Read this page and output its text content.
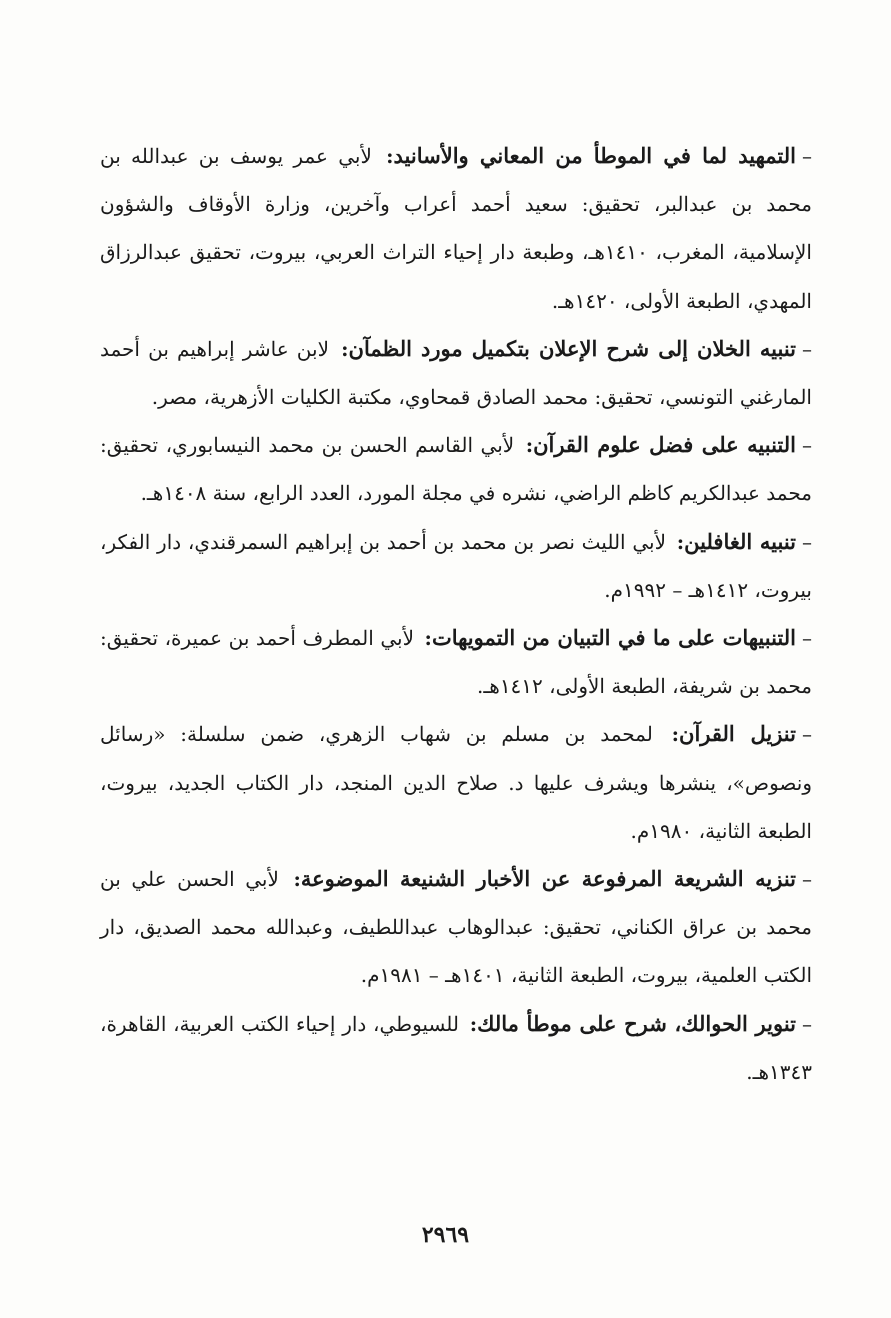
–التمهيد لما في الموطأ من المعاني والأسانيد: لأبي عمر يوسف بن عبدالله بن محمد بن عبدالبر، تحقيق: سعيد أحمد أعراب وآخرين، وزارة الأوقاف والشؤون الإسلامية، المغرب، ١٤١٠هـ، وطبعة دار إحياء التراث العربي، بيروت، تحقيق عبدالرزاق المهدي، الطبعة الأولى، ١٤٢٠هـ.

–تنبيه الخلان إلى شرح الإعلان بتكميل مورد الظمآن: لابن عاشر إبراهيم بن أحمد المارغني التونسي، تحقيق: محمد الصادق قمحاوي، مكتبة الكليات الأزهرية، مصر.

–التنبيه على فضل علوم القرآن: لأبي القاسم الحسن بن محمد النيسابوري، تحقيق: محمد عبدالكريم كاظم الراضي، نشره في مجلة المورد، العدد الرابع، سنة ١٤٠٨هـ.

–تنبيه الغافلين: لأبي الليث نصر بن محمد بن أحمد بن إبراهيم السمرقندي، دار الفكر، بيروت، ١٤١٢هـ – ١٩٩٢م.

–التنبيهات على ما في التبيان من التمويهات: لأبي المطرف أحمد بن عميرة، تحقيق: محمد بن شريفة، الطبعة الأولى، ١٤١٢هـ.

–تنزيل القرآن: لمحمد بن مسلم بن شهاب الزهري، ضمن سلسلة: «رسائل ونصوص»، ينشرها ويشرف عليها د. صلاح الدين المنجد، دار الكتاب الجديد، بيروت، الطبعة الثانية، ١٩٨٠م.

–تنزيه الشريعة المرفوعة عن الأخبار الشنيعة الموضوعة: لأبي الحسن علي بن محمد بن عراق الكناني، تحقيق: عبدالوهاب عبداللطيف، وعبدالله محمد الصديق، دار الكتب العلمية، بيروت، الطبعة الثانية، ١٤٠١هـ – ١٩٨١م.

–تنوير الحوالك، شرح على موطأ مالك: للسيوطي، دار إحياء الكتب العربية، القاهرة، ١٣٤٣هـ.

٢٩٦٩
